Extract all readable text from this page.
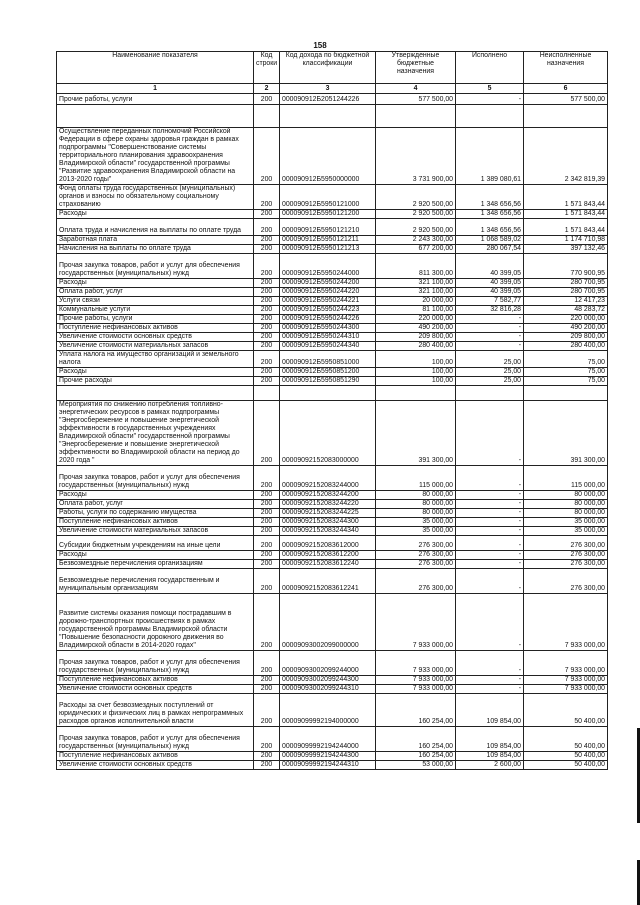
158
Наименование показателя	Код строки	Код дохода по бюджетной классификации	Утвержденные бюджетные назначения	Исполнено	Неисполненные назначения
1	2	3	4	5	6
Прочие работы, услуги	200	000090912Б2051244226	577 500,00	-	577 500,00

Осуществление переданных полномочий Российской Федерации в сфере охраны здоровья граждан в рамках подпрограммы "Совершенствование системы территориального планирования здравоохранения Владимирской области" государственной программы "Развитие здравоохранения Владимирской области на 2013-2020 годы"	200	000090912Б5950000000	3 731 900,00	1 389 080,61	2 342 819,39
Фонд оплаты труда государственных (муниципальных) органов и взносы по обязательному социальному страхованию	200	000090912Б5950121000	2 920 500,00	1 348 656,56	1 571 843,44
Расходы	200	000090912Б5950121200	2 920 500,00	1 348 656,56	1 571 843,44
Оплата труда и начисления на выплаты по оплате труда	200	000090912Б5950121210	2 920 500,00	1 348 656,56	1 571 843,44
Заработная плата	200	000090912Б5950121211	2 243 300,00	1 068 589,02	1 174 710,98
Начисления на выплаты по оплате труда	200	000090912Б5950121213	677 200,00	280 067,54	397 132,46
Прочая закупка товаров, работ и услуг для обеспечения государственных (муниципальных) нужд	200	000090912Б5950244000	811 300,00	40 399,05	770 900,95
Расходы	200	000090912Б5950244200	321 100,00	40 399,05	280 700,95
Оплата работ, услуг	200	000090912Б5950244220	321 100,00	40 399,05	280 700,95
Услуги связи	200	000090912Б5950244221	20 000,00	7 582,77	12 417,23
Коммунальные услуги	200	000090912Б5950244223	81 100,00	32 816,28	48 283,72
Прочие работы, услуги	200	000090912Б5950244226	220 000,00	-	220 000,00
Поступление нефинансовых активов	200	000090912Б5950244300	490 200,00	-	490 200,00
Увеличение стоимости основных средств	200	000090912Б5950244310	209 800,00	-	209 800,00
Увеличение стоимости материальных запасов	200	000090912Б5950244340	280 400,00	-	280 400,00
Уплата налога на имущество организаций и земельного налога	200	000090912Б5950851000	100,00	25,00	75,00
Расходы	200	000090912Б5950851200	100,00	25,00	75,00
Прочие расходы	200	000090912Б5950851290	100,00	25,00	75,00

Мероприятия по снижению потребления топливно-энергетических ресурсов в рамках подпрограммы "Энергосбережение и повышение энергетической эффективности в государственных учреждениях Владимирской области" государственной программы "Энергосбережение и повышение энергетической эффективности во Владимирской области на период до 2020 года "	200	00009092152083000000	391 300,00	-	391 300,00
Прочая закупка товаров, работ и услуг для обеспечения государственных (муниципальных) нужд	200	00009092152083244000	115 000,00	-	115 000,00
Расходы	200	00009092152083244200	80 000,00	-	80 000,00
Оплата работ, услуг	200	00009092152083244220	80 000,00	-	80 000,00
Работы, услуги по содержанию имущества	200	00009092152083244225	80 000,00	-	80 000,00
Поступление нефинансовых активов	200	00009092152083244300	35 000,00	-	35 000,00
Увеличение стоимости материальных запасов	200	00009092152083244340	35 000,00	-	35 000,00
Субсидии бюджетным учреждениям на иные цели	200	00009092152083612000	276 300,00	-	276 300,00
Расходы	200	00009092152083612200	276 300,00	-	276 300,00
Безвозмездные перечисления организациям	200	00009092152083612240	276 300,00	-	276 300,00
Безвозмездные перечисления государственным и муниципальным организациям	200	00009092152083612241	276 300,00	-	276 300,00
Развитие системы оказания помощи пострадавшим в дорожно-транспортных происшествиях в рамках государственной программы Владимирской области "Повышение безопасности дорожного движения во Владимирской области в 2014-2020 годах"	200	00009093002099000000	7 933 000,00	-	7 933 000,00
Прочая закупка товаров, работ и услуг для обеспечения государственных (муниципальных) нужд	200	00009093002099244000	7 933 000,00	-	7 933 000,00
Поступление нефинансовых активов	200	00009093002099244300	7 933 000,00	-	7 933 000,00
Увеличение стоимости основных средств	200	00009093002099244310	7 933 000,00	-	7 933 000,00
Расходы за счет безвозмездных поступлений от юридических и физических лиц в рамках непрограммных расходов органов исполнительной власти	200	00009099992194000000	160 254,00	109 854,00	50 400,00
Прочая закупка товаров, работ и услуг для обеспечения государственных (муниципальных) нужд	200	00009099992194244000	160 254,00	109 854,00	50 400,00
Поступление нефинансовых активов	200	00009099992194244300	160 254,00	109 854,00	50 400,00
Увеличение стоимости основных средств	200	00009099992194244310	53 000,00	2 600,00	50 400,00
